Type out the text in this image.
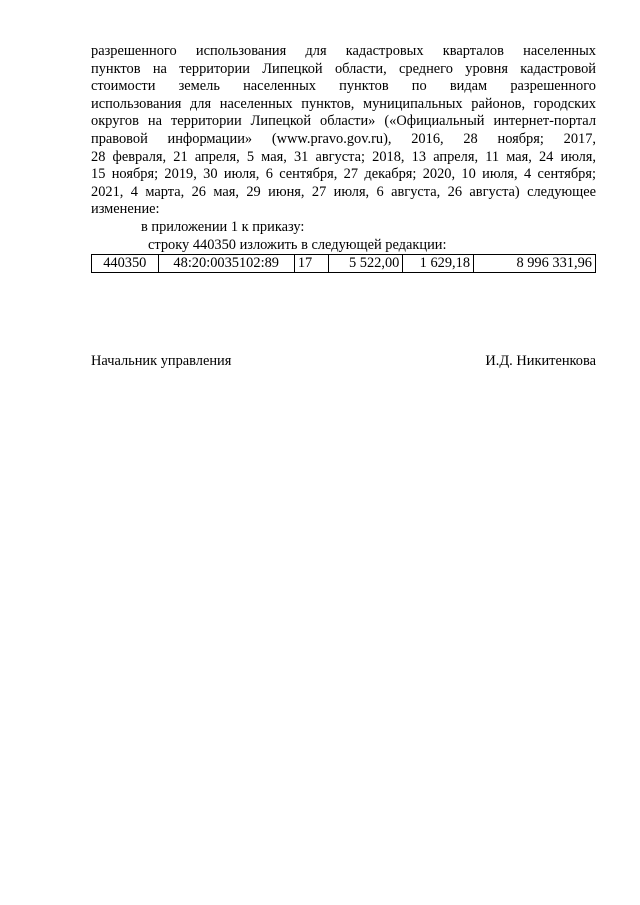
разрешенного использования для кадастровых кварталов населенных
пунктов на территории Липецкой области, среднего уровня кадастровой
стоимости земель населенных пунктов по видам разрешенного
использования для населенных пунктов, муниципальных районов, городских
округов на территории Липецкой области» («Официальный интернет-портал
правовой информации» (www.pravo.gov.ru), 2016, 28 ноября; 2017,
28 февраля, 21 апреля, 5 мая, 31 августа; 2018, 13 апреля, 11 мая, 24 июля,
15 ноября; 2019, 30 июля, 6 сентября, 27 декабря; 2020, 10 июля, 4 сентября;
2021, 4 марта, 26 мая, 29 июня, 27 июля, 6 августа, 26 августа) следующее
изменение:
в приложении 1 к приказу:
строку 440350 изложить в следующей редакции:
440350	48:20:0035102:89	17	5 522,00	1 629,18	8 996 331,96
Начальник управления	И.Д. Никитенкова
